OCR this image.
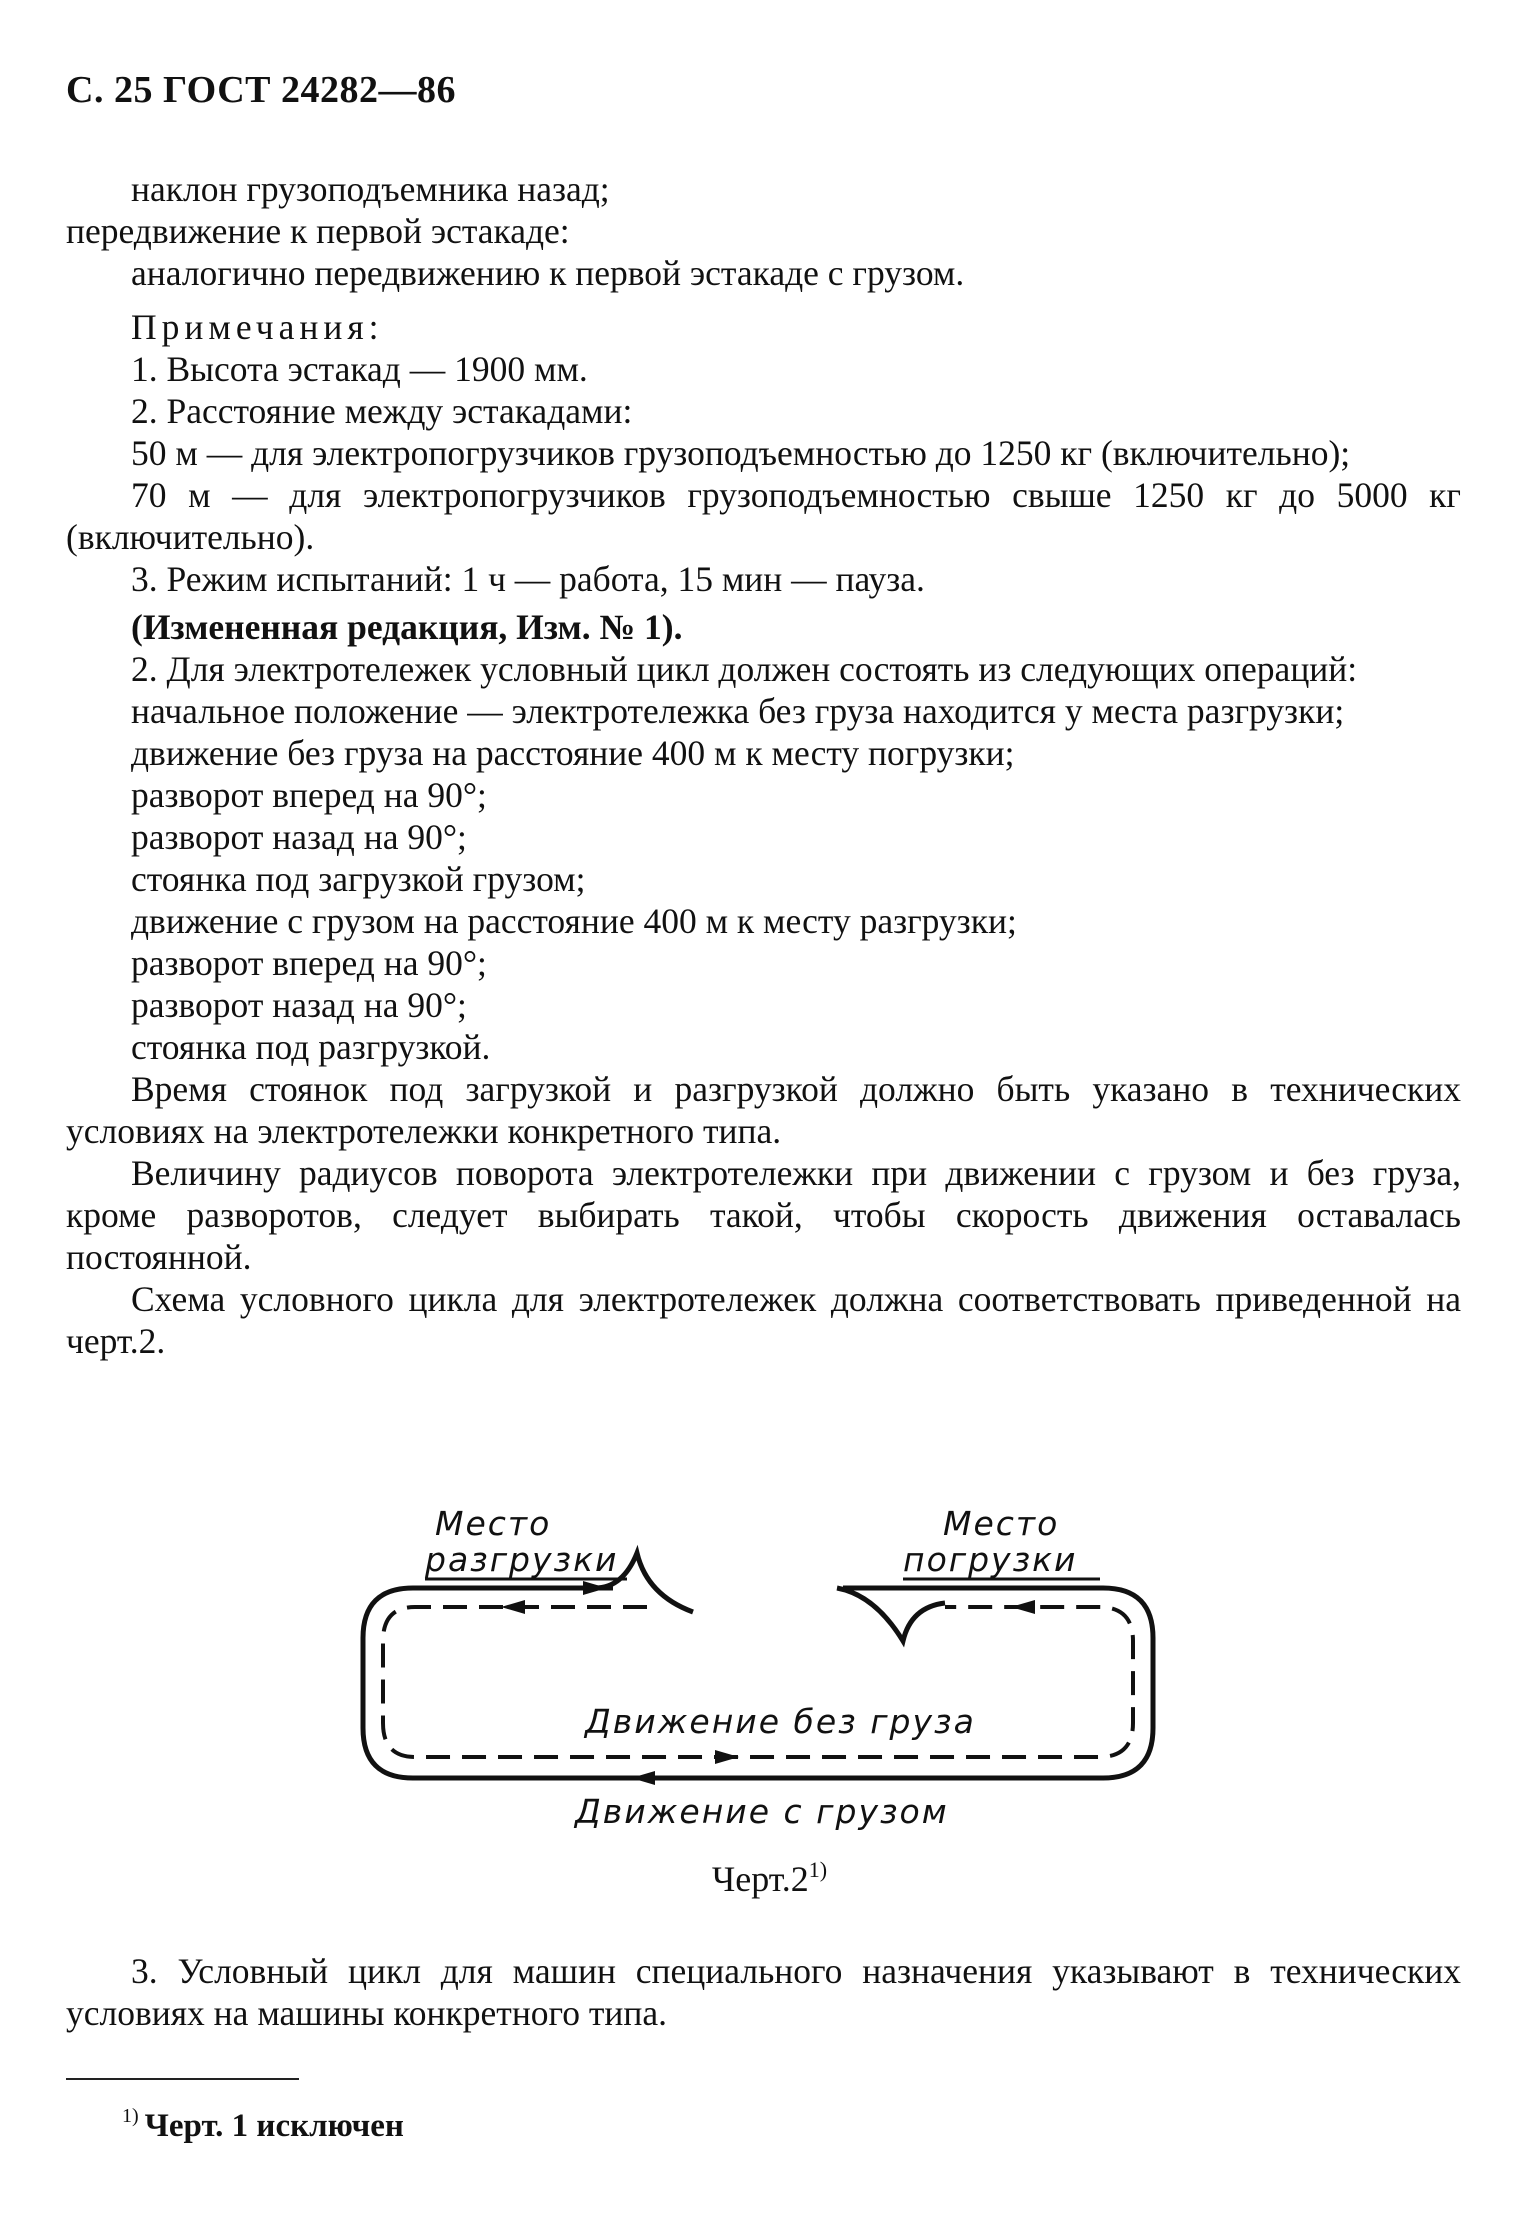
С. 25 ГОСТ 24282—86

наклон грузоподъемника назад;

передвижение к первой эстакаде:

аналогично передвижению к первой эстакаде с грузом.

Примечания:

1. Высота эстакад — 1900 мм.

2. Расстояние между эстакадами:

50 м — для электропогрузчиков грузоподъемностью до 1250 кг (включительно);

70 м — для электропогрузчиков грузоподъемностью свыше 1250 кг до 5000 кг (включительно).

3. Режим испытаний: 1 ч — работа, 15 мин — пауза.

(Измененная редакция, Изм. № 1).

2. Для электротележек условный цикл должен состоять из следующих операций:

начальное положение — электротележка без груза находится у места разгрузки;

движение без груза на расстояние 400 м к месту погрузки;

разворот вперед на 90°;

разворот назад на 90°;

стоянка под загрузкой грузом;

движение с грузом на расстояние 400 м к месту разгрузки;

разворот вперед на 90°;

разворот назад на 90°;

стоянка под разгрузкой.

Время стоянок под загрузкой и разгрузкой должно быть указано в технических условиях на электротележки конкретного типа.

Величину радиусов поворота электротележки при движении с грузом и без груза, кроме разворотов, следует выбирать такой, чтобы скорость движения оставалась постоянной.

Схема условного цикла для электротележек должна соответствовать приведенной на черт.2.

Место
разгрузки
Место
погрузки
Движение без груза
Движение с грузом
Черт.2$^{1)}$

3. Условный цикл для машин специального назначения указывают в технических условиях на машины конкретного типа.

$^{1)}$ Черт. 1 исключен
